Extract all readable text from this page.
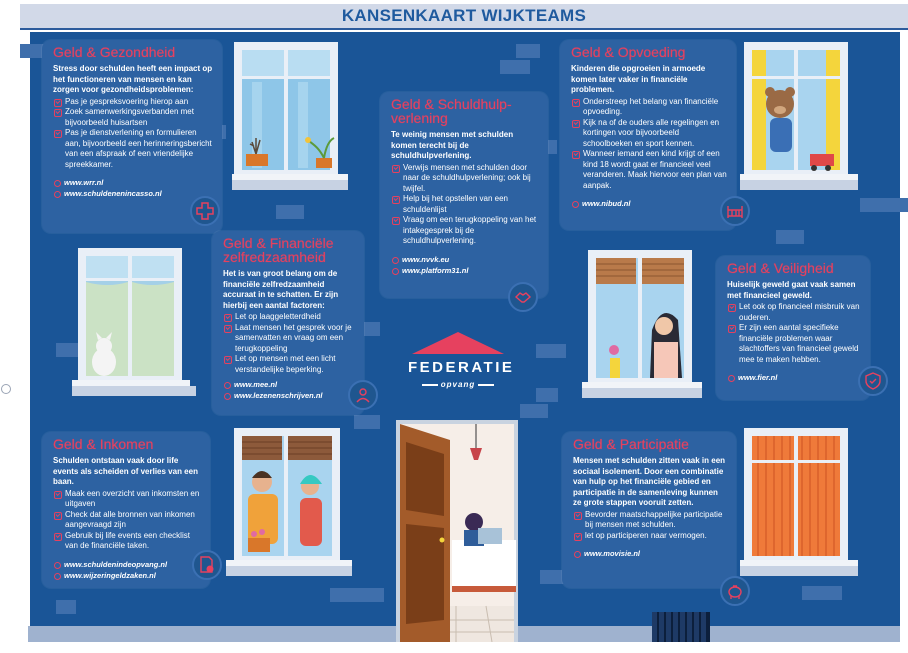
KANSENKAART WIJKTEAMS
FEDERATIE
opvang
Geld & Gezondheid

Stress door schulden heeft een impact op het functioneren van mensen en kan zorgen voor gezondheidsproblemen:

Pas je gespreksvoering hierop aan
Zoek samenwerkingsverbanden met bijvoorbeeld huisartsen
Pas je dienstverlening en formulieren aan, bijvoorbeeld een herinneringsbericht van een afspraak of een vriendelijke spreekkamer.
www.wrr.nl
www.schuldenenincasso.nl
Geld & Schuldhulp-verlening

Te weinig mensen met schulden komen terecht bij de schuldhulpverlening.

Verwijs mensen met schulden door naar de schuldhulpverlening; ook bij twijfel.
Help bij het opstellen van een schuldenlijst
Vraag om een terugkoppeling van het intakegesprek bij de schuldhulpverlening.
www.nvvk.eu
www.platform31.nl
Geld & Opvoeding

Kinderen die opgroeien in armoede komen later vaker in financiële problemen.

Onderstreep het belang van financiële opvoeding.
Kijk na of de ouders alle regelingen en kortingen voor bijvoorbeeld schoolboeken en sport kennen.
Wanneer iemand een kind krijgt of een kind 18 wordt gaat er financieel veel veranderen. Maak hiervoor een plan van aanpak.
www.nibud.nl
Geld & Financiële zelfredzaamheid

Het is van groot belang om de financiële zelfredzaamheid accuraat in te schatten. Er zijn hierbij een aantal factoren:

Let op laaggeletterdheid
Laat mensen het gesprek voor je samenvatten en vraag om een terugkoppeling
Let op mensen met een licht verstandelijke beperking.
www.mee.nl
www.lezenenschrijven.nl
Geld & Veiligheid

Huiselijk geweld gaat vaak samen met financieel geweld.

Let ook op financieel misbruik van ouderen.
Er zijn een aantal specifieke financiële problemen waar slachtoffers van financieel geweld mee te maken hebben.
www.fier.nl
Geld & Inkomen

Schulden ontstaan vaak door life events als scheiden of verlies van een baan.

Maak een overzicht van inkomsten en uitgaven
Check dat alle bronnen van inkomen aangevraagd zijn
Gebruik bij life events een checklist van de financiële taken.
www.schuldenindeopvang.nl
www.wijzeringeldzaken.nl
Geld & Participatie

Mensen met schulden zitten vaak in een sociaal isolement. Door een combinatie van hulp op het financiële gebied en participatie in de samenleving kunnen ze grote stappen vooruit zetten.

Bevorder maatschappelijke participatie bij mensen met schulden.
let op participeren naar vermogen.
www.movisie.nl
